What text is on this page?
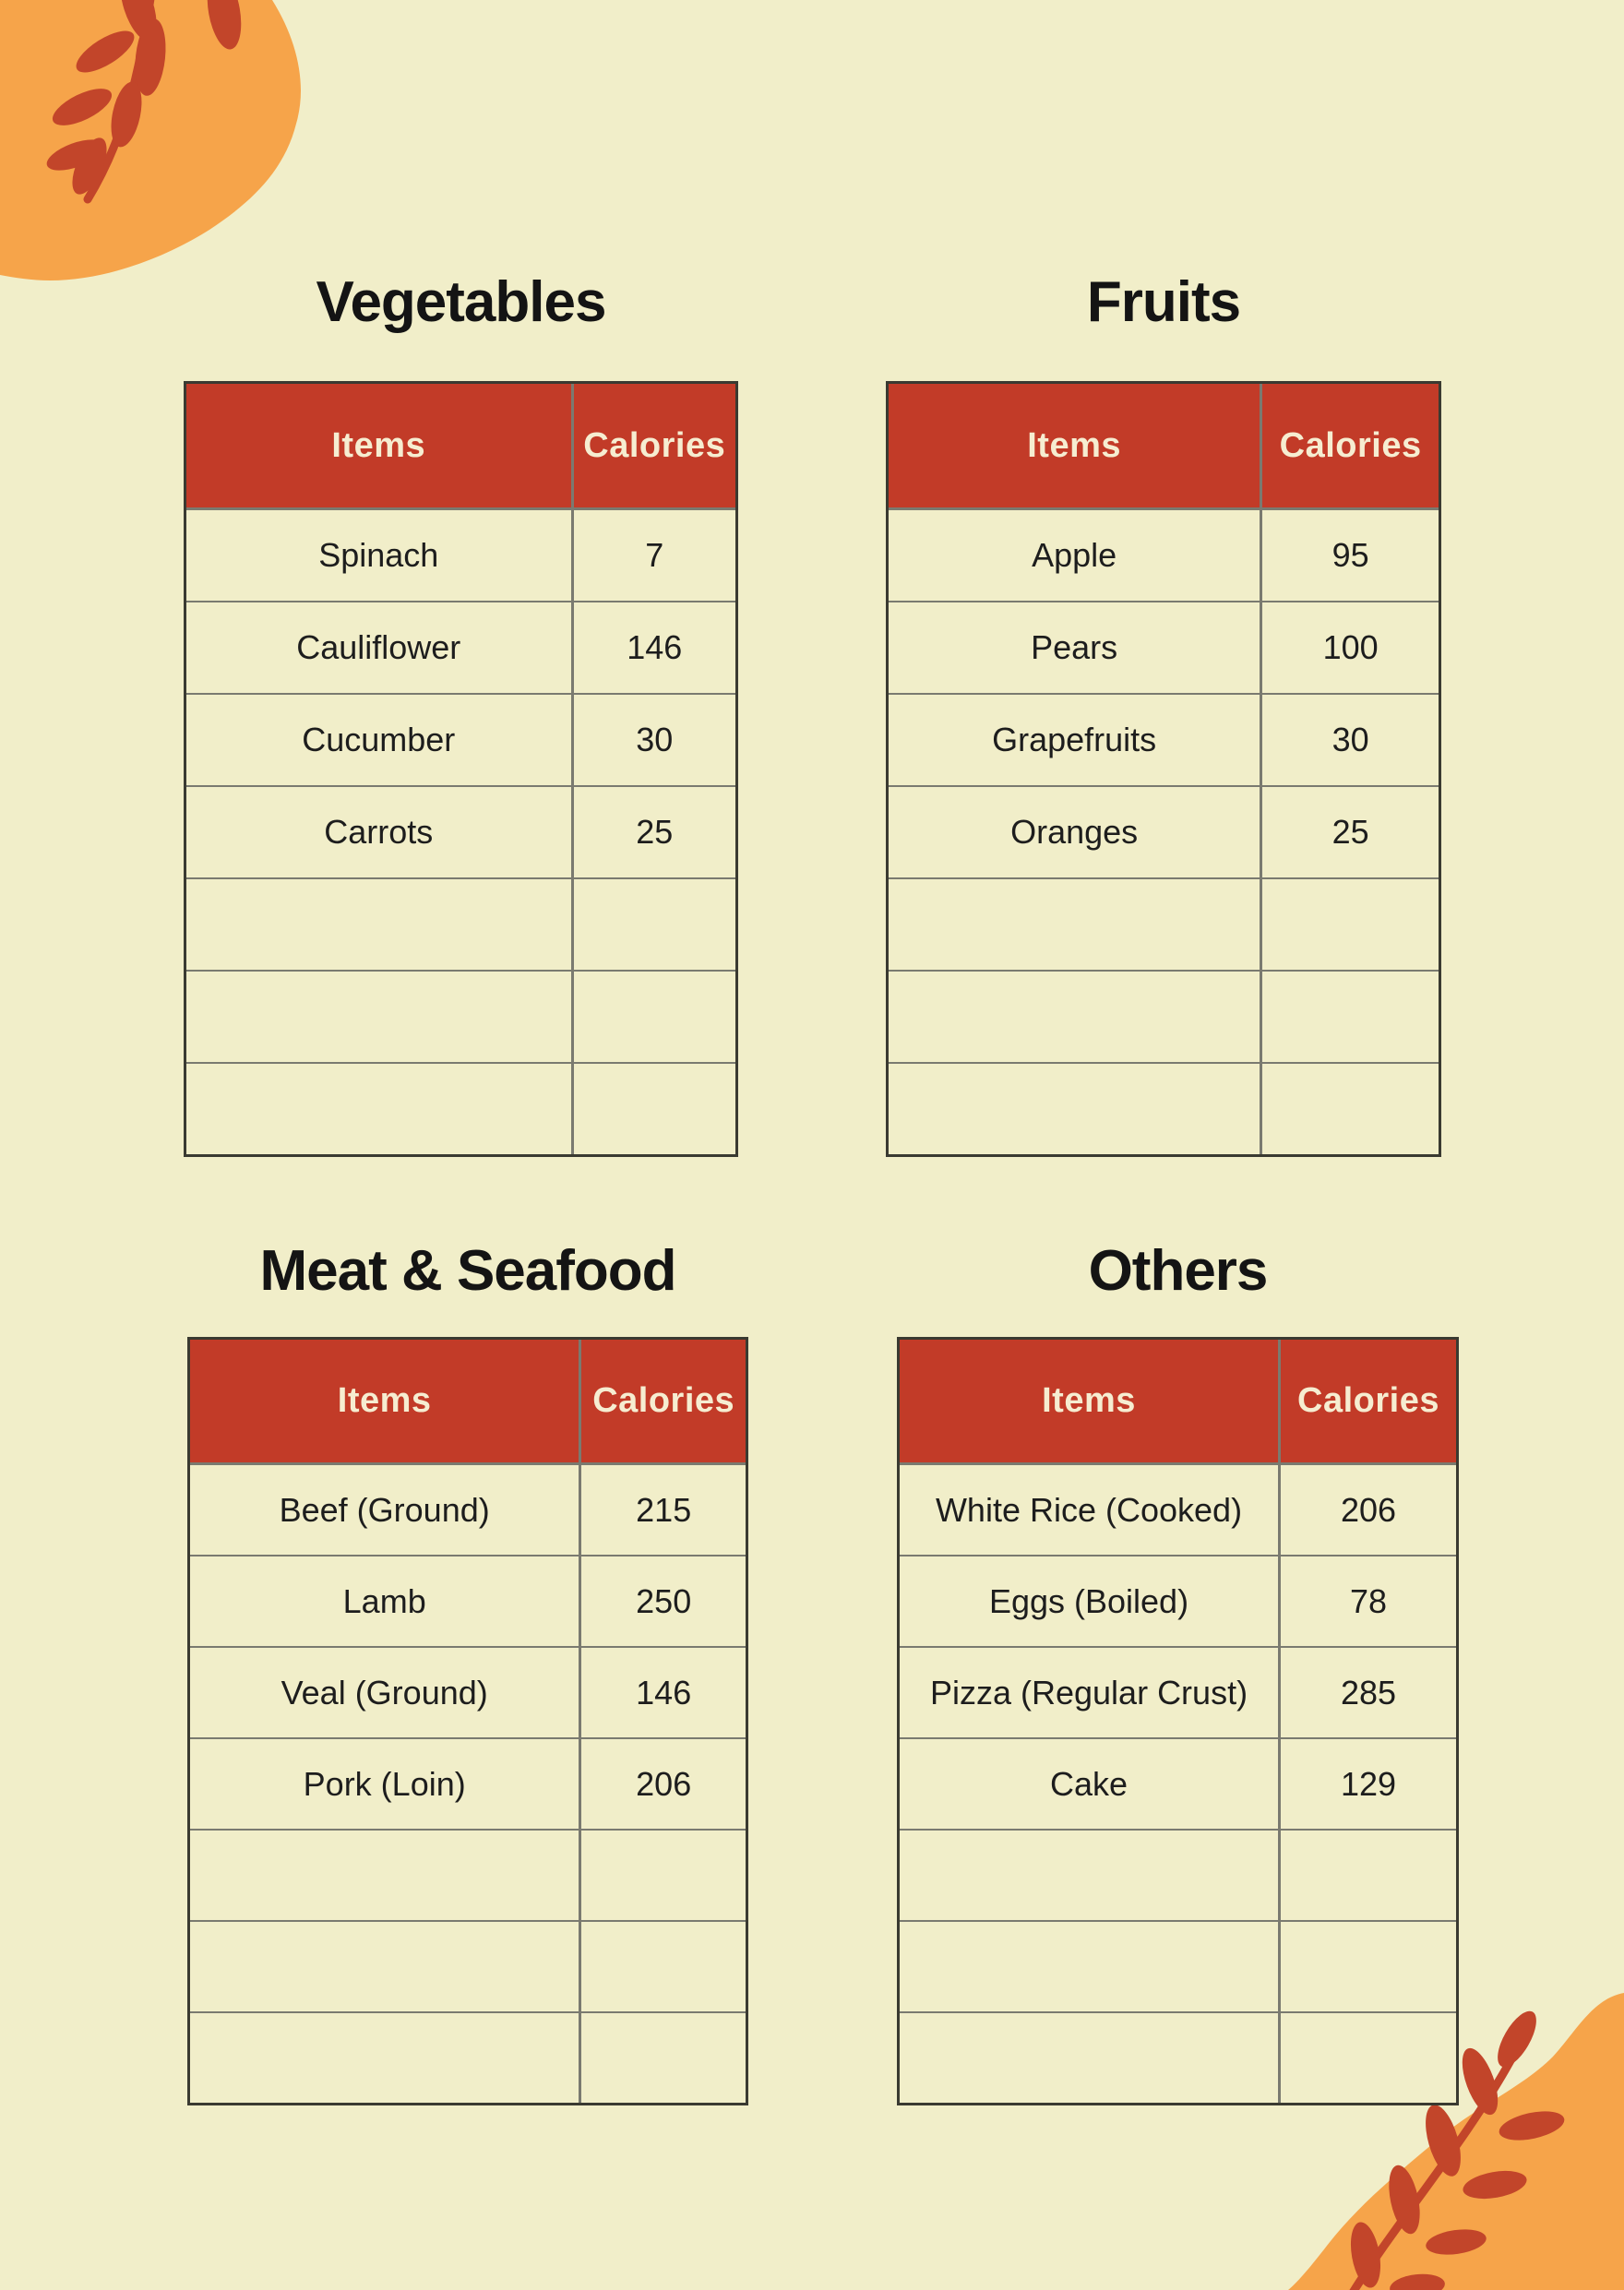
Vegetables
Items	Calories
Spinach	7
Cauliflower	146
Cucumber	30
Carrots	25
Fruits
Items	Calories
Apple	95
Pears	100
Grapefruits	30
Oranges	25
Meat & Seafood
Items	Calories
Beef (Ground)	215
Lamb	250
Veal (Ground)	146
Pork (Loin)	206
Others
Items	Calories
White Rice (Cooked)	206
Eggs (Boiled)	78
Pizza (Regular Crust)	285
Cake	129
